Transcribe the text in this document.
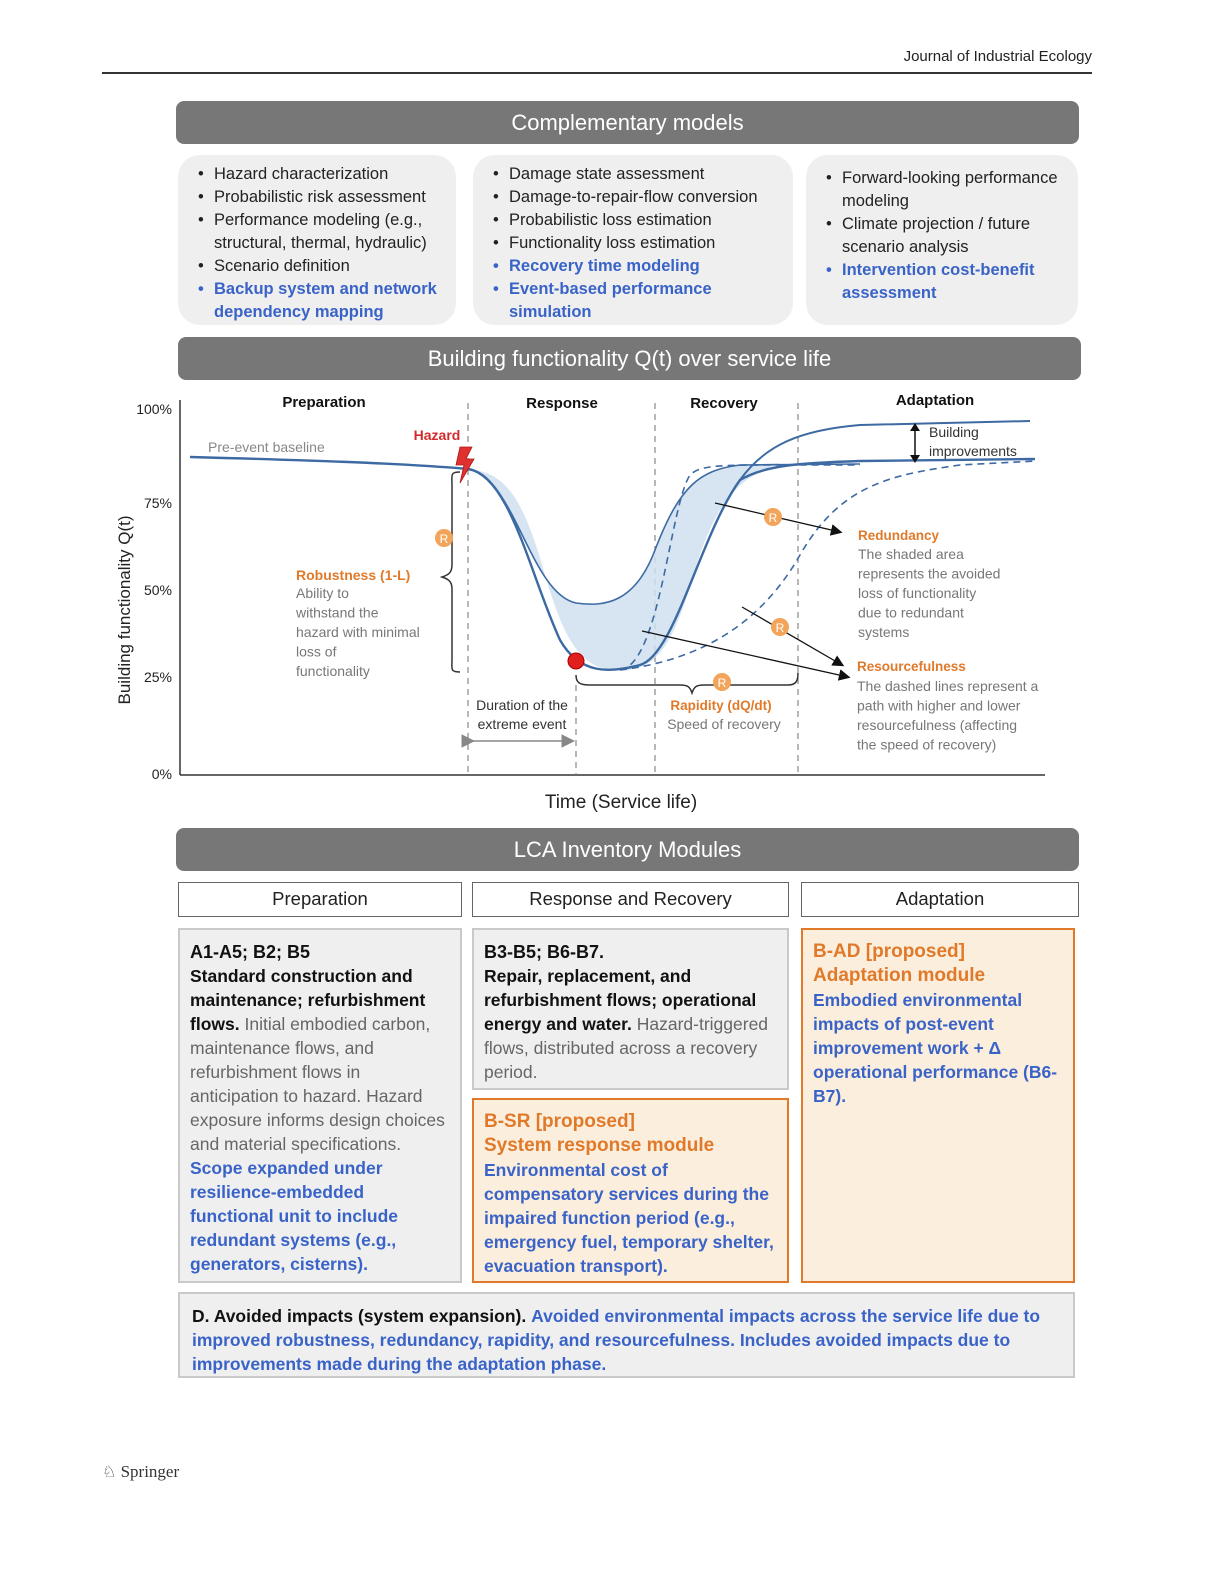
Journal of Industrial Ecology
Complementary models
• Hazard characterization
• Probabilistic risk assessment
• Performance modeling (e.g., structural, thermal, hydraulic)
• Scenario definition
• Backup system and network dependency mapping
• Damage state assessment
• Damage-to-repair-flow conversion
• Probabilistic loss estimation
• Functionality loss estimation
• Recovery time modeling
• Event-based performance simulation
• Forward-looking performance modeling
• Climate projection / future scenario analysis
• Intervention cost-benefit assessment
Building functionality Q(t) over service life
100%
75%
50%
25%
0%
Building functionality Q(t)
Time (Service life)
Preparation	Response	Recovery	Adaptation
Pre-event baseline
Hazard	Building improvements
R
Robustness (1-L)
Ability to withstand the hazard with minimal loss of functionality
R
Rapidity (dQ/dt)
Speed of recovery
Duration of the extreme event
R
Redundancy
The shaded area represents the avoided loss of functionality due to redundant systems
R
Resourcefulness
The dashed lines represent a path with higher and lower resourcefulness (affecting the speed of recovery)
LCA Inventory Modules
Preparation	Response and Recovery	Adaptation
A1-A5; B2; B5
Standard construction and maintenance; refurbishment flows. Initial embodied carbon, maintenance flows, and refurbishment flows in anticipation to hazard. Hazard exposure informs design choices and material specifications.
Scope expanded under resilience-embedded functional unit to include redundant systems (e.g., generators, cisterns).
B3-B5; B6-B7.
Repair, replacement, and refurbishment flows; operational energy and water. Hazard-triggered flows, distributed across a recovery period.
B-SR [proposed]
System response module
Environmental cost of compensatory services during the impaired function period (e.g., emergency fuel, temporary shelter, evacuation transport).
B-AD [proposed]
Adaptation module
Embodied environmental impacts of post-event improvement work + Δ operational performance (B6-B7).
D. Avoided impacts (system expansion). Avoided environmental impacts across the service life due to improved robustness, redundancy, rapidity, and resourcefulness. Includes avoided impacts due to improvements made during the adaptation phase.
♘ Springer
